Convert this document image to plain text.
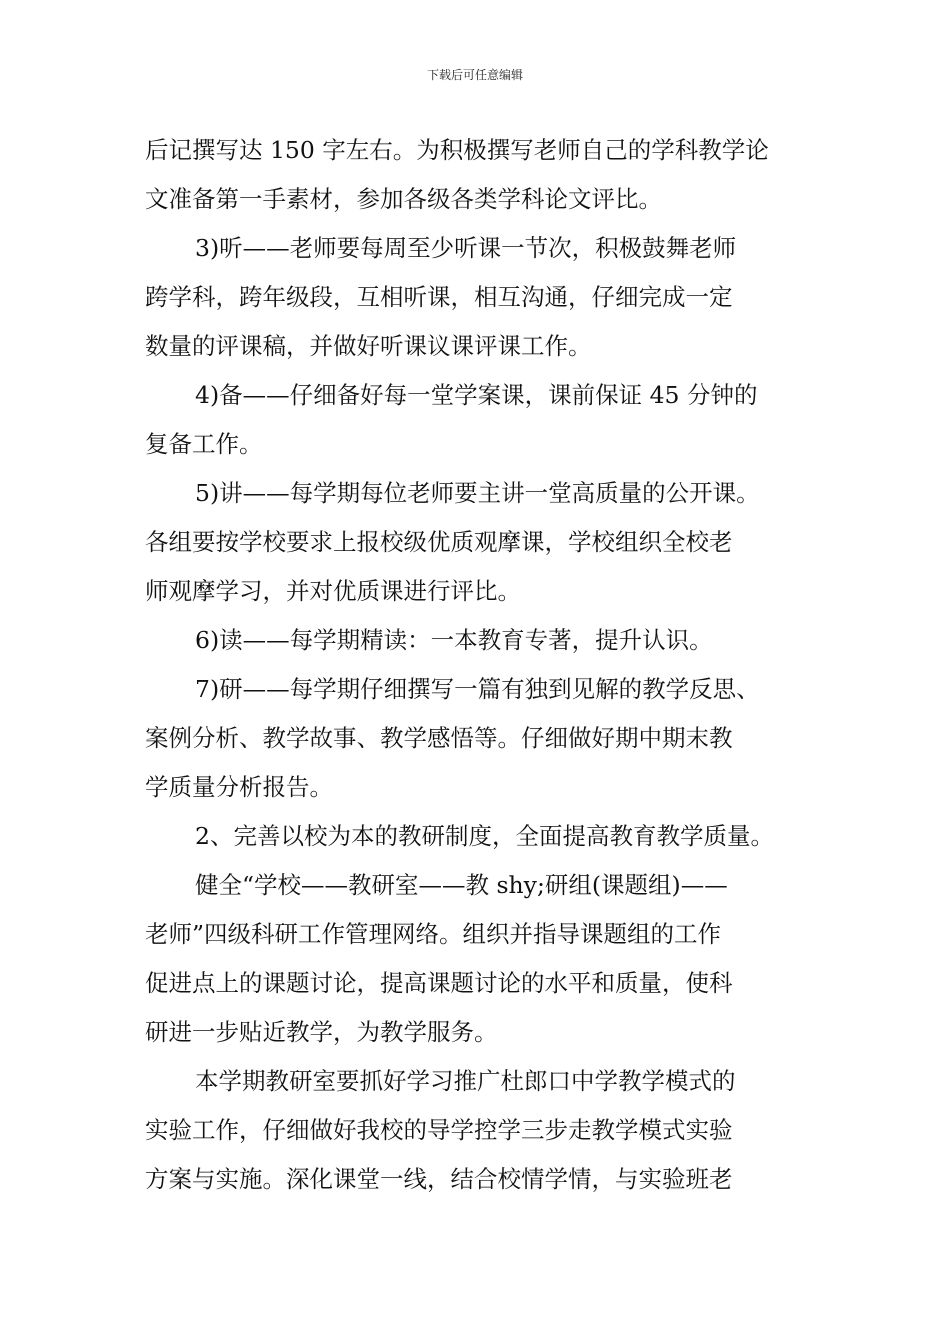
下载后可任意编辑
后记撰写达 150 字左右。为积极撰写老师自己的学科教学论
文准备第一手素材，参加各级各类学科论文评比。
3)听——老师要每周至少听课一节次，积极鼓舞老师
跨学科，跨年级段，互相听课，相互沟通，仔细完成一定
数量的评课稿，并做好听课议课评课工作。
4)备——仔细备好每一堂学案课，课前保证 45 分钟的
复备工作。
5)讲——每学期每位老师要主讲一堂高质量的公开课。
各组要按学校要求上报校级优质观摩课，学校组织全校老
师观摩学习，并对优质课进行评比。
6)读——每学期精读：一本教育专著，提升认识。
7)研——每学期仔细撰写一篇有独到见解的教学反思、
案例分析、教学故事、教学感悟等。仔细做好期中期末教
学质量分析报告。
2、完善以校为本的教研制度，全面提高教育教学质量。
健全“学校——教研室——教 shy;研组(课题组)——
老师”四级科研工作管理网络。组织并指导课题组的工作
促进点上的课题讨论，提高课题讨论的水平和质量，使科
研进一步贴近教学，为教学服务。
本学期教研室要抓好学习推广杜郎口中学教学模式的
实验工作，仔细做好我校的导学控学三步走教学模式实验
方案与实施。深化课堂一线，结合校情学情，与实验班老
